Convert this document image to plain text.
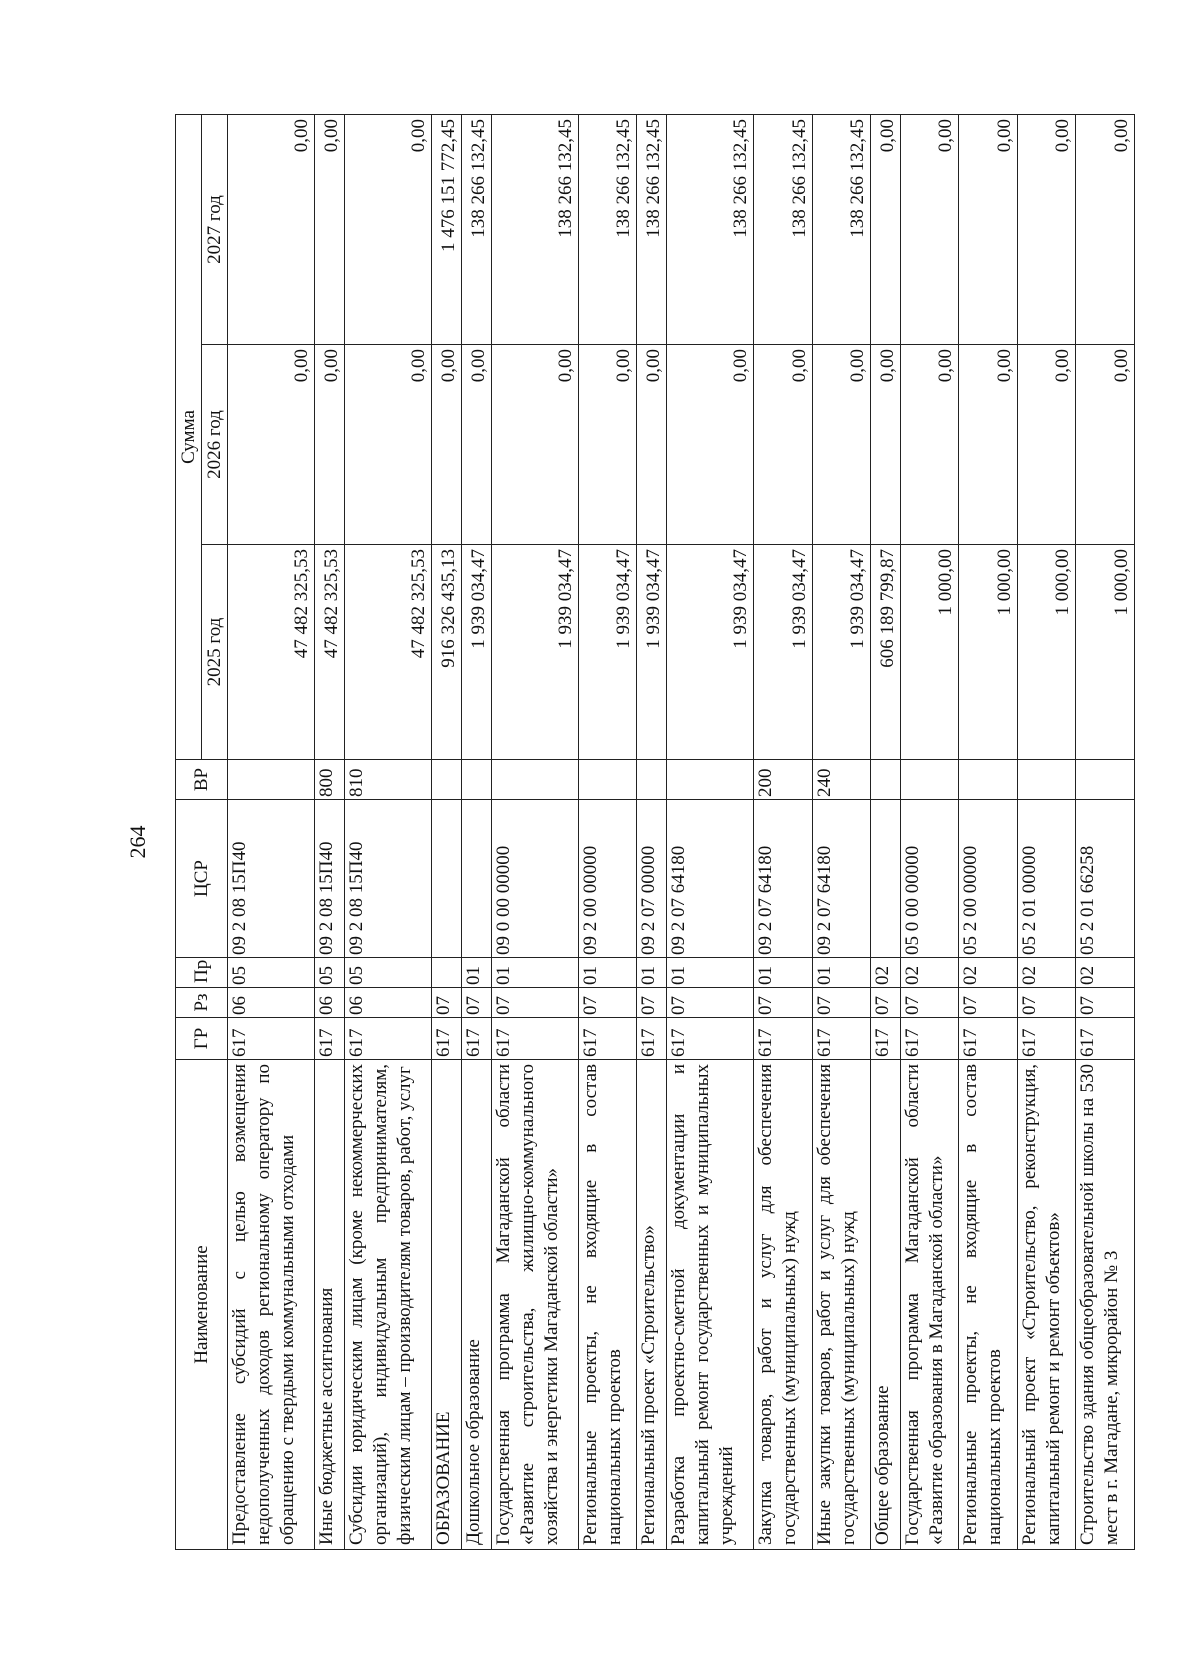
264
Наименование	ГР	Рз	Пр	ЦСР	ВР	Сумма		
						2025 год	2026 год	2027 год
Предоставление субсидий с целью возмещения недополученных доходов региональному оператору по обращению с твердыми коммунальными отходами	617	06	05	09 2 08 15П40		47 482 325,53	0,00	0,00
Иные бюджетные ассигнования	617	06	05	09 2 08 15П40	800	47 482 325,53	0,00	0,00
Субсидии юридическим лицам (кроме некоммерческих организаций), индивидуальным предпринимателям, физическим лицам – производителям товаров, работ, услуг	617	06	05	09 2 08 15П40	810	47 482 325,53	0,00	0,00
ОБРАЗОВАНИЕ	617	07				916 326 435,13	0,00	1 476 151 772,45
Дошкольное образование	617	07	01			1 939 034,47	0,00	138 266 132,45
Государственная программа Магаданской области «Развитие строительства, жилищно-коммунального хозяйства и энергетики Магаданской области»	617	07	01	09 0 00 00000		1 939 034,47	0,00	138 266 132,45
Региональные проекты, не входящие в состав национальных проектов	617	07	01	09 2 00 00000		1 939 034,47	0,00	138 266 132,45
Региональный проект «Строительство»	617	07	01	09 2 07 00000		1 939 034,47	0,00	138 266 132,45
Разработка проектно-сметной документации и капитальный ремонт государственных и муниципальных учреждений	617	07	01	09 2 07 64180		1 939 034,47	0,00	138 266 132,45
Закупка товаров, работ и услуг для обеспечения государственных (муниципальных) нужд	617	07	01	09 2 07 64180	200	1 939 034,47	0,00	138 266 132,45
Иные закупки товаров, работ и услуг для обеспечения государственных (муниципальных) нужд	617	07	01	09 2 07 64180	240	1 939 034,47	0,00	138 266 132,45
Общее образование	617	07	02			606 189 799,87	0,00	0,00
Государственная программа Магаданской области «Развитие образования в Магаданской области»	617	07	02	05 0 00 00000		1 000,00	0,00	0,00
Региональные проекты, не входящие в состав национальных проектов	617	07	02	05 2 00 00000		1 000,00	0,00	0,00
Региональный проект «Строительство, реконструкция, капитальный ремонт и ремонт объектов»	617	07	02	05 2 01 00000		1 000,00	0,00	0,00
Строительство здания общеобразовательной школы на 530 мест в г. Магадане, микрорайон № 3	617	07	02	05 2 01 66258		1 000,00	0,00	0,00
